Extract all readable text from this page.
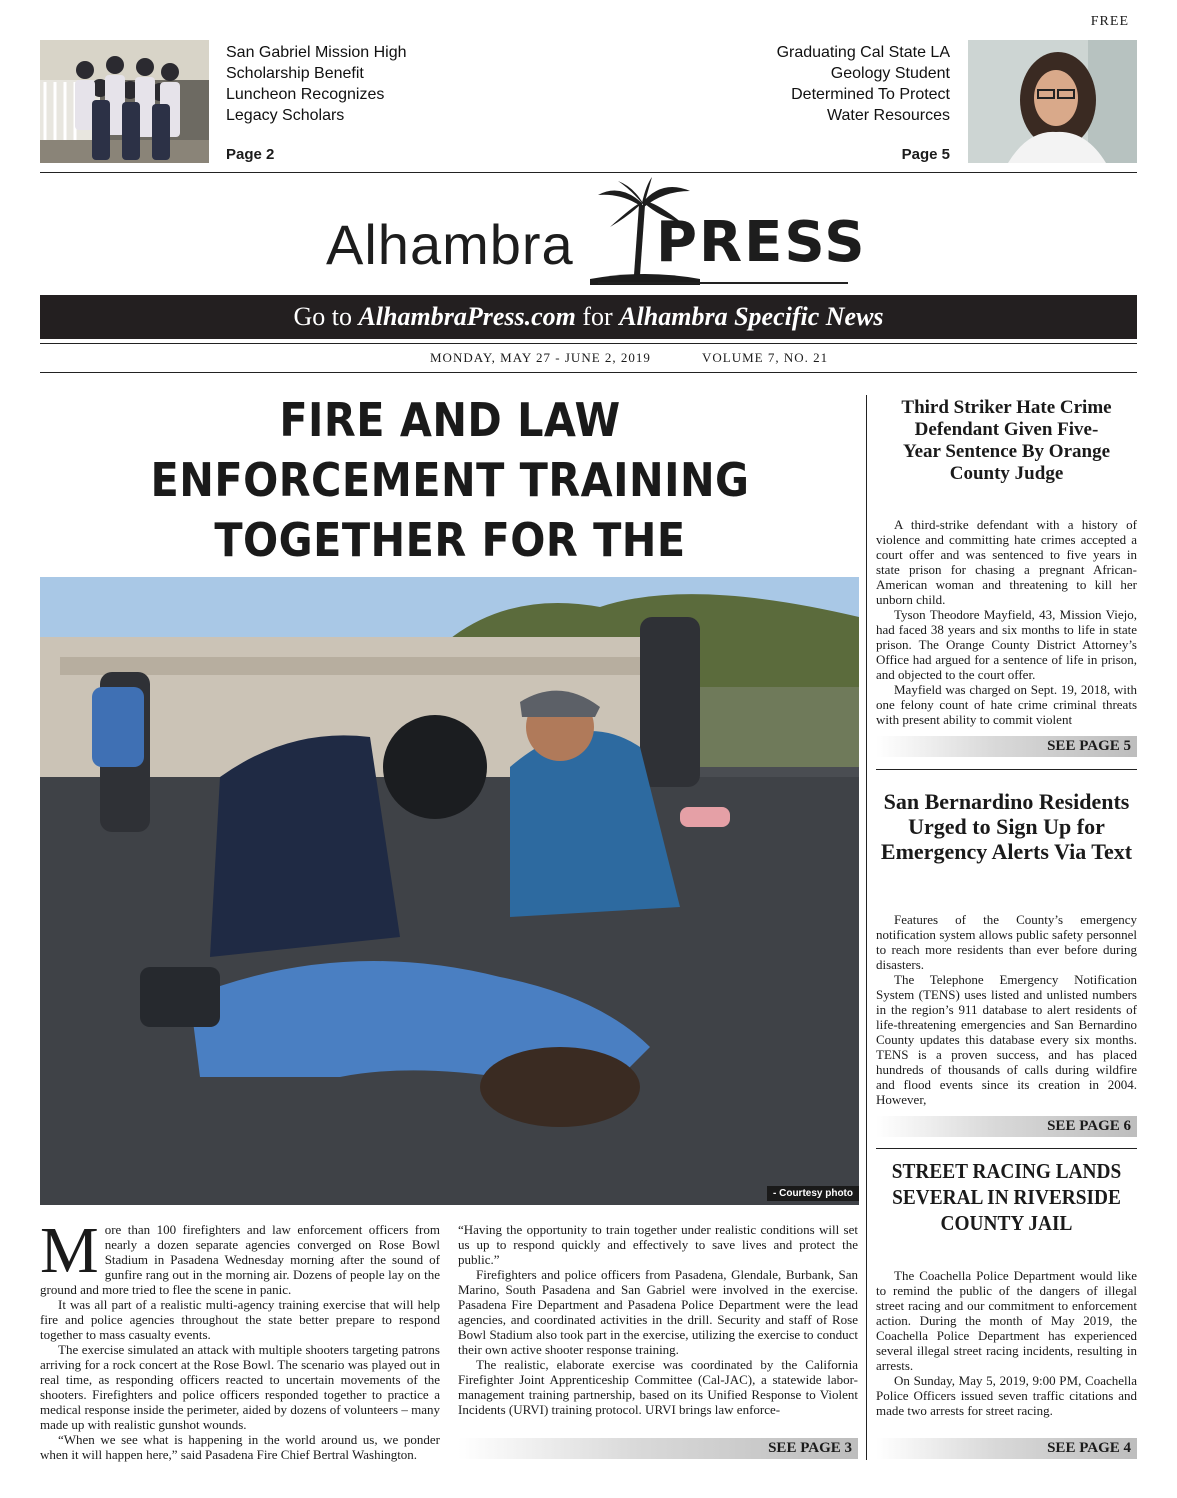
FREE
San Gabriel Mission High Scholarship Benefit Luncheon Recognizes Legacy Scholars
Page 2
Graduating Cal State LA Geology Student Determined To Protect Water Resources
Page 5
Alhambra PRESS
Go to AlhambraPress.com for Alhambra Specific News
MONDAY, MAY 27 - JUNE 2, 2019	VOLUME 7, NO. 21
FIRE AND LAW ENFORCEMENT TRAINING TOGETHER FOR THE
- Courtesy photo

More than 100 firefighters and law enforcement officers from nearly a dozen separate agencies converged on Rose Bowl Stadium in Pasadena Wednesday morning after the sound of gunfire rang out in the morning air. Dozens of people lay on the ground and more tried to flee the scene in panic.

It was all part of a realistic multi-agency training exercise that will help fire and police agencies throughout the state better prepare to respond together to mass casualty events.

The exercise simulated an attack with multiple shooters targeting patrons arriving for a rock concert at the Rose Bowl. The scenario was played out in real time, as responding officers reacted to uncertain movements of the shooters. Firefighters and police officers responded together to practice a medical response inside the perimeter, aided by dozens of volunteers – many made up with realistic gunshot wounds.

“When we see what is happening in the world around us, we ponder when it will happen here,” said Pasadena Fire Chief Bertral Washington.

“Having the opportunity to train together under realistic conditions will set us up to respond quickly and effectively to save lives and protect the public.”

Firefighters and police officers from Pasadena, Glendale, Burbank, San Marino, South Pasadena and San Gabriel were involved in the exercise. Pasadena Fire Department and Pasadena Police Department were the lead agencies, and coordinated activities in the drill. Security and staff of Rose Bowl Stadium also took part in the exercise, utilizing the exercise to conduct their own active shooter response training.

The realistic, elaborate exercise was coordinated by the California Firefighter Joint Apprenticeship Committee (Cal-JAC), a statewide labor-management training partnership, based on its Unified Response to Violent Incidents (URVI) training protocol. URVI brings law enforce-

SEE PAGE 3
Third Striker Hate Crime Defendant Given Five-Year Sentence By Orange County Judge

A third-strike defendant with a history of violence and committing hate crimes accepted a court offer and was sentenced to five years in state prison for chasing a pregnant African-American woman and threatening to kill her unborn child.

Tyson Theodore Mayfield, 43, Mission Viejo, had faced 38 years and six months to life in state prison. The Orange County District Attorney’s Office had argued for a sentence of life in prison, and objected to the court offer.

Mayfield was charged on Sept. 19, 2018, with one felony count of hate crime criminal threats with present ability to commit violent

SEE PAGE 5
San Bernardino Residents Urged to Sign Up for Emergency Alerts Via Text

Features of the County’s emergency notification system allows public safety personnel to reach more residents than ever before during disasters.

The Telephone Emergency Notification System (TENS) uses listed and unlisted numbers in the region’s 911 database to alert residents of life-threatening emergencies and San Bernardino County updates this database every six months. TENS is a proven success, and has placed hundreds of thousands of calls during wildfire and flood events since its creation in 2004. However,

SEE PAGE 6
STREET RACING LANDS SEVERAL IN RIVERSIDE COUNTY JAIL

The Coachella Police Department would like to remind the public of the dangers of illegal street racing and our commitment to enforcement action. During the month of May 2019, the Coachella Police Department has experienced several illegal street racing incidents, resulting in arrests.

On Sunday, May 5, 2019, 9:00 PM, Coachella Police Officers issued seven traffic citations and made two arrests for street racing.

SEE PAGE 4
